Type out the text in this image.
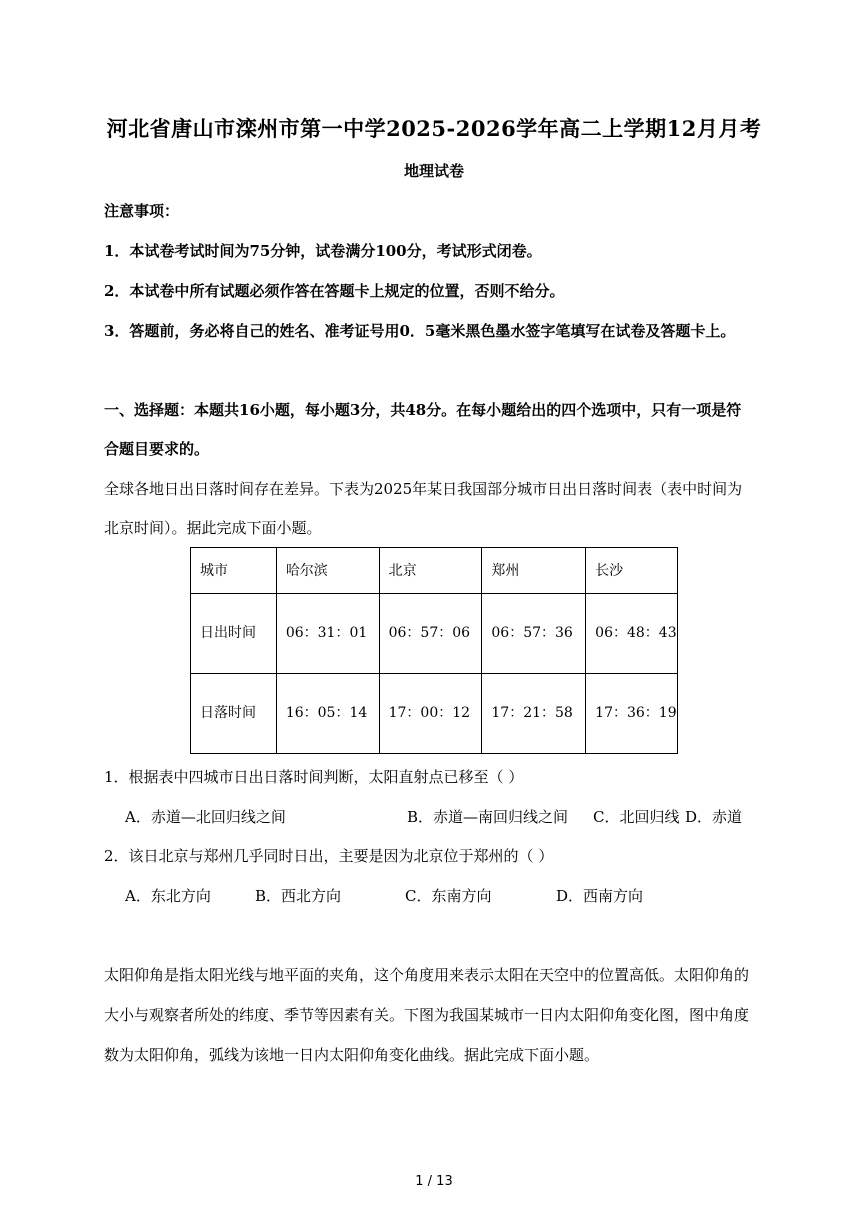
河北省唐山市滦州市第一中学2025-2026学年高二上学期12月月考
地理试卷
注意事项：
1．本试卷考试时间为75分钟，试卷满分100分，考试形式闭卷。
2．本试卷中所有试题必须作答在答题卡上规定的位置，否则不给分。
3．答题前，务必将自己的姓名、准考证号用0．5毫米黑色墨水签字笔填写在试卷及答题卡上。
一、选择题：本题共16小题，每小题3分，共48分。在每小题给出的四个选项中，只有一项是符
合题目要求的。
全球各地日出日落时间存在差异。下表为2025年某日我国部分城市日出日落时间表（表中时间为
北京时间）。据此完成下面小题。
城市	哈尔滨	北京	郑州	长沙
日出时间	06：31：01	06：57：06	06：57：36	06：48：43
日落时间	16：05：14	17：00：12	17：21：58	17：36：19
1．根据表中四城市日出日落时间判断，太阳直射点已移至（ ）
A．赤道—北回归线之间	B．赤道—南回归线之间 C．北回归线 D．赤道
2．该日北京与郑州几乎同时日出，主要是因为北京位于郑州的（ ）
A．东北方向	B．西北方向	C．东南方向	D．西南方向
太阳仰角是指太阳光线与地平面的夹角，这个角度用来表示太阳在天空中的位置高低。太阳仰角的
大小与观察者所处的纬度、季节等因素有关。下图为我国某城市一日内太阳仰角变化图，图中角度
数为太阳仰角，弧线为该地一日内太阳仰角变化曲线。据此完成下面小题。
1 / 13
